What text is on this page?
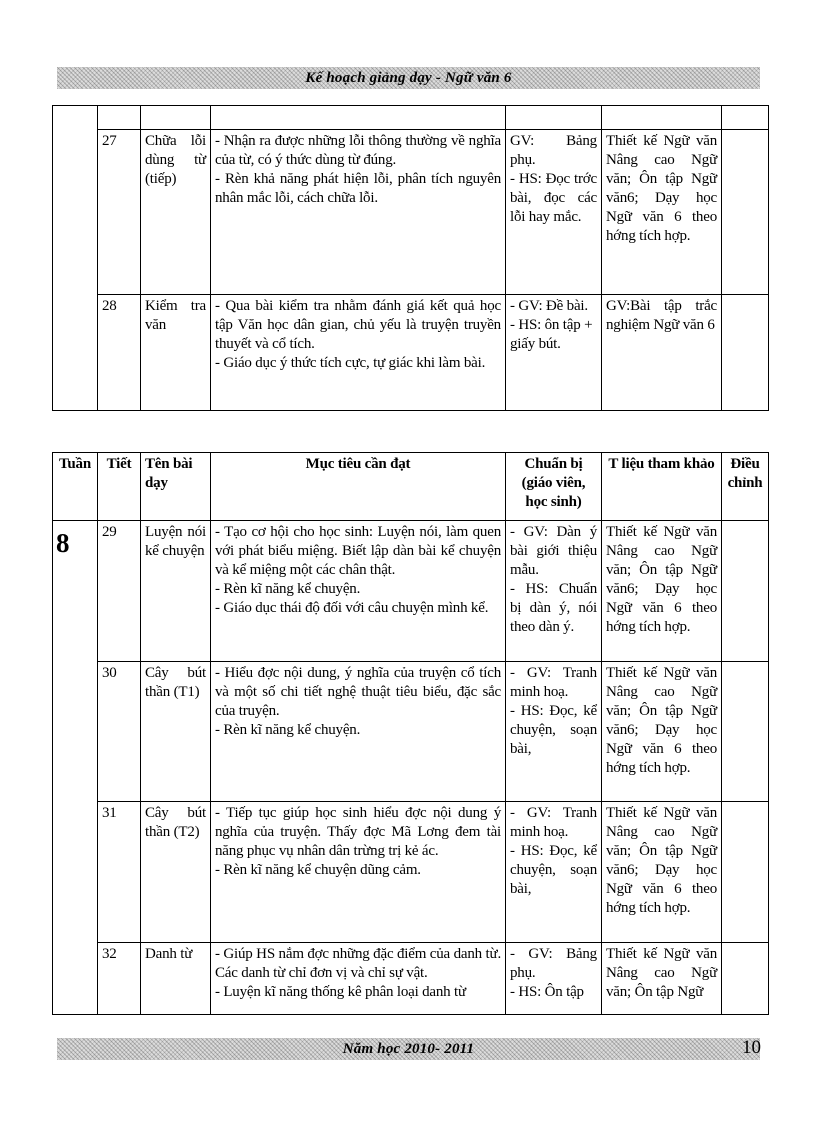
Kế hoạch giảng dạy - Ngữ văn 6

	27	Chữa lỗi dùng từ (tiếp)	- Nhận ra được những lỗi thông thường về nghĩa của từ, có ý thức dùng từ đúng.
- Rèn khả năng phát hiện lỗi, phân tích nguyên nhân mắc lỗi, cách chữa lỗi.	GV: Bảng phụ.
- HS: Đọc trớc bài, đọc các lỗi hay mắc.	Thiết kế Ngữ văn Nâng cao Ngữ văn; Ôn tập Ngữ văn6; Dạy học Ngữ văn 6 theo hớng tích hợp.	
	28	Kiểm tra văn	- Qua bài kiểm tra nhằm đánh giá kết quả học tập Văn học dân gian, chủ yếu là truyện truyền thuyết và cổ tích.
- Giáo dục ý thức tích cực, tự giác khi làm bài.	- GV: Đề bài.
- HS: ôn tập + giấy bút.	GV:Bài tập trắc nghiệm Ngữ văn 6	
Tuần	Tiết	Tên bài dạy	Mục tiêu cần đạt	Chuẩn bị (giáo viên, học sinh)	T liệu tham khảo	Điều chỉnh
8	29	Luyện nói kể chuyện	- Tạo cơ hội cho học sinh: Luyện nói, làm quen với phát biểu miệng. Biết lập dàn bài kể chuyện và kể miệng một các chân thật.
- Rèn kĩ năng kể chuyện.
- Giáo dục thái độ đối với câu chuyện mình kể.	- GV: Dàn ý bài giới thiệu mẫu.
- HS: Chuẩn bị dàn ý, nói theo dàn ý.	Thiết kế Ngữ văn Nâng cao Ngữ văn; Ôn tập Ngữ văn6; Dạy học Ngữ văn 6 theo hớng tích hợp.	
	30	Cây bút thần (T1)	- Hiểu đợc nội dung, ý nghĩa của truyện cổ tích và một số chi tiết nghệ thuật tiêu biểu, đặc sắc của truyện.
- Rèn kĩ năng kể chuyện.	- GV: Tranh minh hoạ.
- HS: Đọc, kể chuyện, soạn bài,	Thiết kế Ngữ văn Nâng cao Ngữ văn; Ôn tập Ngữ văn6; Dạy học Ngữ văn 6 theo hớng tích hợp.	
	31	Cây bút thần (T2)	- Tiếp tục giúp học sinh hiểu đợc nội dung ý nghĩa của truyện. Thấy đợc Mã Lơng đem tài năng phục vụ nhân dân trừng trị kẻ ác.
- Rèn kĩ năng kể chuyện dũng cảm.	- GV: Tranh minh hoạ.
- HS: Đọc, kể chuyện, soạn bài,	Thiết kế Ngữ văn Nâng cao Ngữ văn; Ôn tập Ngữ văn6; Dạy học Ngữ văn 6 theo hớng tích hợp.	
	32	Danh từ	- Giúp HS nắm đợc những đặc điểm của danh từ. Các danh từ chỉ đơn vị và chỉ sự vật.
- Luyện kĩ năng thống kê phân loại danh từ	- GV: Bảng phụ.
- HS: Ôn tập	Thiết kế Ngữ văn Nâng cao Ngữ văn; Ôn tập Ngữ	
Năm học 2010- 2011	10
